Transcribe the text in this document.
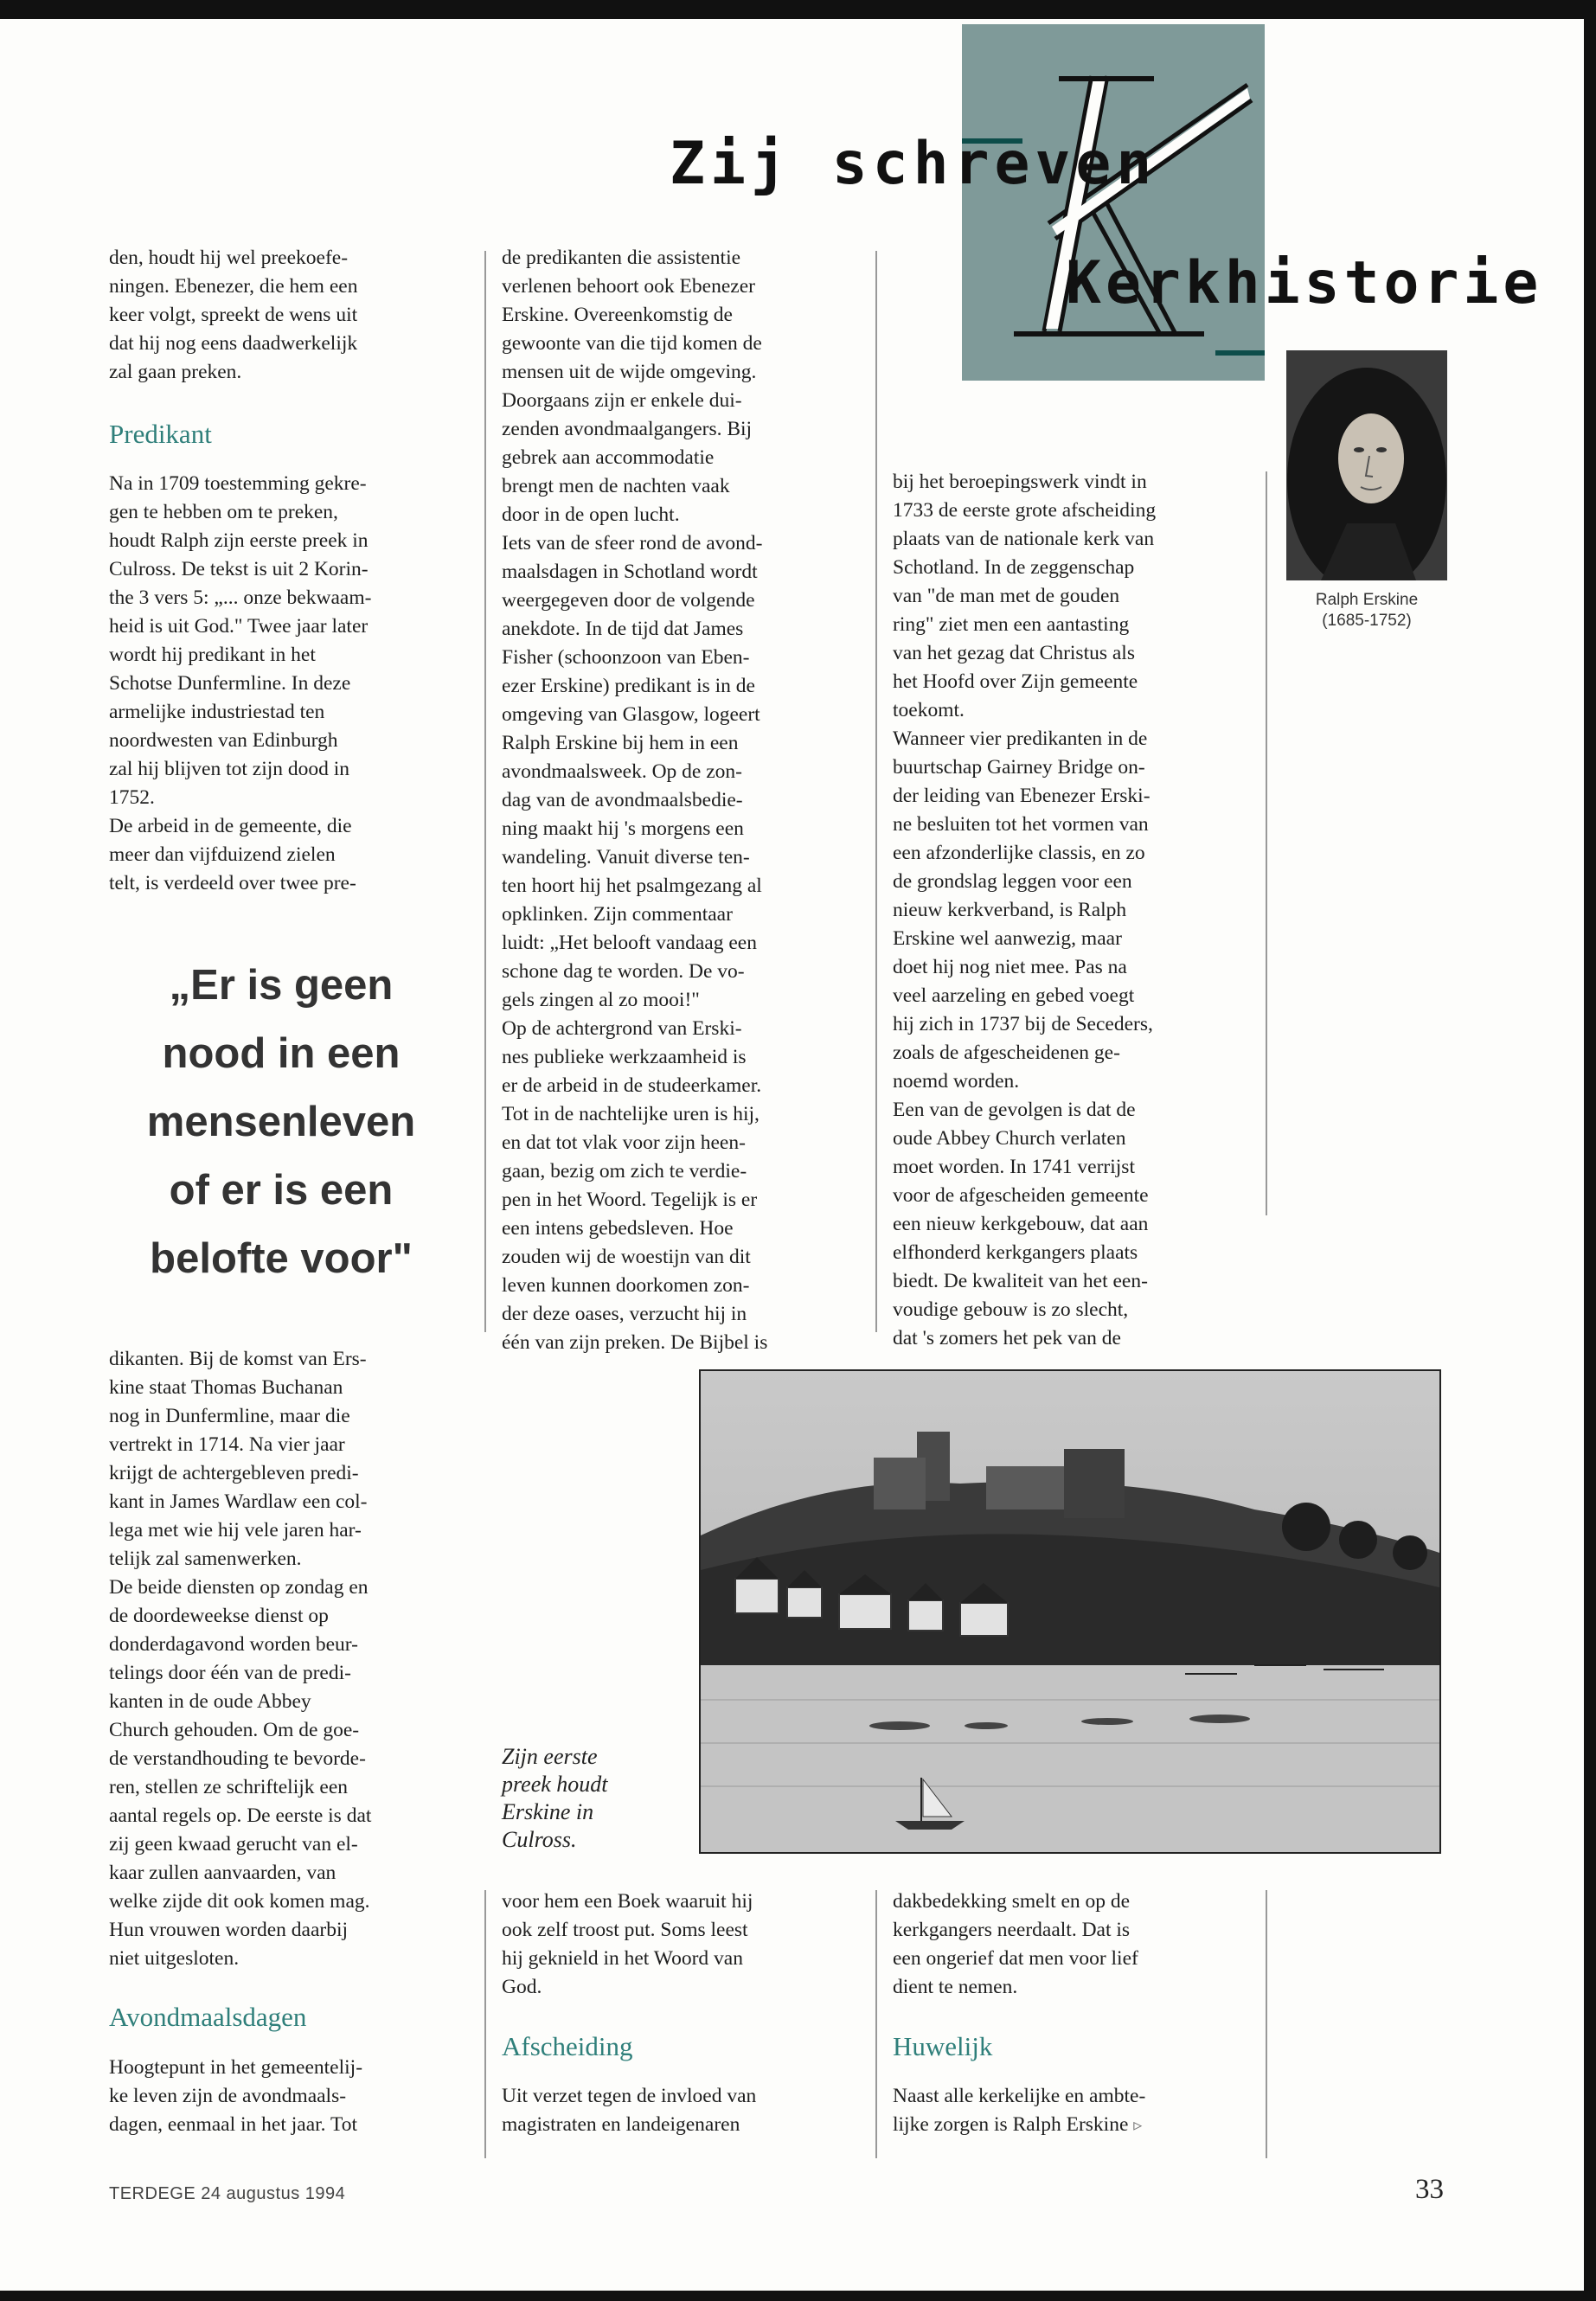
Zij schreven
Kerkhistorie
Ralph Erskine
(1685-1752)

den, houdt hij wel preekoefe-

ningen. Ebenezer, die hem een

keer volgt, spreekt de wens uit

dat hij nog eens daadwerkelijk

zal gaan preken.

Predikant

Na in 1709 toestemming gekre-

gen te hebben om te preken,

houdt Ralph zijn eerste preek in

Culross. De tekst is uit 2 Korin-

the 3 vers 5: „... onze bekwaam-

heid is uit God." Twee jaar later

wordt hij predikant in het

Schotse Dunfermline. In deze

armelijke industriestad ten

noordwesten van Edinburgh

zal hij blijven tot zijn dood in

1752.

De arbeid in de gemeente, die

meer dan vijfduizend zielen

telt, is verdeeld over twee pre-

„Er is geen
nood in een
mensenleven
of er is een
belofte voor"

dikanten. Bij de komst van Ers-

kine staat Thomas Buchanan

nog in Dunfermline, maar die

vertrekt in 1714. Na vier jaar

krijgt de achtergebleven predi-

kant in James Wardlaw een col-

lega met wie hij vele jaren har-

telijk zal samenwerken.

De beide diensten op zondag en

de doordeweekse dienst op

donderdagavond worden beur-

telings door één van de predi-

kanten in de oude Abbey

Church gehouden. Om de goe-

de verstandhouding te bevorde-

ren, stellen ze schriftelijk een

aantal regels op. De eerste is dat

zij geen kwaad gerucht van el-

kaar zullen aanvaarden, van

welke zijde dit ook komen mag.

Hun vrouwen worden daarbij

niet uitgesloten.

Avondmaalsdagen

Hoogtepunt in het gemeentelij-

ke leven zijn de avondmaals-

dagen, eenmaal in het jaar. Tot

de predikanten die assistentie

verlenen behoort ook Ebenezer

Erskine. Overeenkomstig de

gewoonte van die tijd komen de

mensen uit de wijde omgeving.

Doorgaans zijn er enkele dui-

zenden avondmaalgangers. Bij

gebrek aan accommodatie

brengt men de nachten vaak

door in de open lucht.

Iets van de sfeer rond de avond-

maalsdagen in Schotland wordt

weergegeven door de volgende

anekdote. In de tijd dat James

Fisher (schoonzoon van Eben-

ezer Erskine) predikant is in de

omgeving van Glasgow, logeert

Ralph Erskine bij hem in een

avondmaalsweek. Op de zon-

dag van de avondmaalsbedie-

ning maakt hij 's morgens een

wandeling. Vanuit diverse ten-

ten hoort hij het psalmgezang al

opklinken. Zijn commentaar

luidt: „Het belooft vandaag een

schone dag te worden. De vo-

gels zingen al zo mooi!"

Op de achtergrond van Erski-

nes publieke werkzaamheid is

er de arbeid in de studeerkamer.

Tot in de nachtelijke uren is hij,

en dat tot vlak voor zijn heen-

gaan, bezig om zich te verdie-

pen in het Woord. Tegelijk is er

een intens gebedsleven. Hoe

zouden wij de woestijn van dit

leven kunnen doorkomen zon-

der deze oases, verzucht hij in

één van zijn preken. De Bijbel is

voor hem een Boek waaruit hij

ook zelf troost put. Soms leest

hij geknield in het Woord van

God.

Afscheiding

Uit verzet tegen de invloed van

magistraten en landeigenaren

bij het beroepingswerk vindt in

1733 de eerste grote afscheiding

plaats van de nationale kerk van

Schotland. In de zeggenschap

van "de man met de gouden

ring" ziet men een aantasting

van het gezag dat Christus als

het Hoofd over Zijn gemeente

toekomt.

Wanneer vier predikanten in de

buurtschap Gairney Bridge on-

der leiding van Ebenezer Erski-

ne besluiten tot het vormen van

een afzonderlijke classis, en zo

de grondslag leggen voor een

nieuw kerkverband, is Ralph

Erskine wel aanwezig, maar

doet hij nog niet mee. Pas na

veel aarzeling en gebed voegt

hij zich in 1737 bij de Seceders,

zoals de afgescheidenen ge-

noemd worden.

Een van de gevolgen is dat de

oude Abbey Church verlaten

moet worden. In 1741 verrijst

voor de afgescheiden gemeente

een nieuw kerkgebouw, dat aan

elfhonderd kerkgangers plaats

biedt. De kwaliteit van het een-

voudige gebouw is zo slecht,

dat 's zomers het pek van de

dakbedekking smelt en op de

kerkgangers neerdaalt. Dat is

een ongerief dat men voor lief

dient te nemen.

Huwelijk

Naast alle kerkelijke en ambte-

lijke zorgen is Ralph Erskine ▹

Zijn eerste
preek houdt
Erskine in
Culross.
TERDEGE 24 augustus 1994	33
